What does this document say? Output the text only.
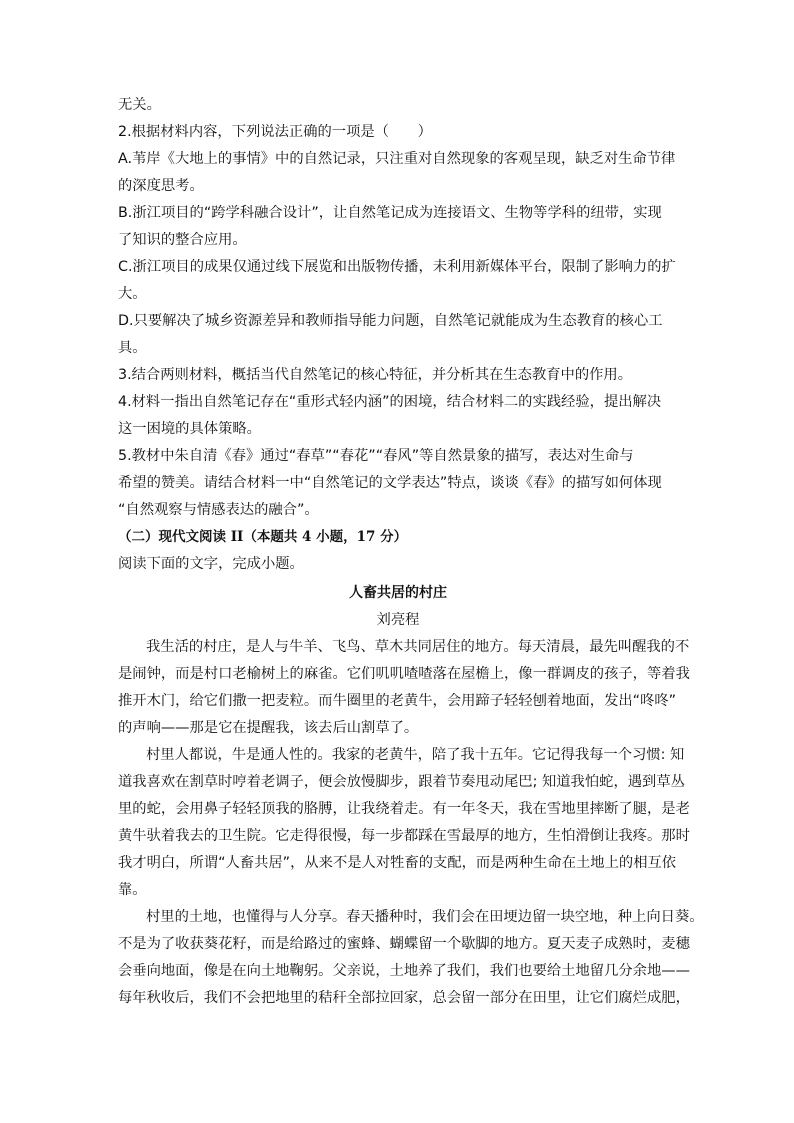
无关。
2.根据材料内容，下列说法正确的一项是（　　）
A.苇岸《大地上的事情》中的自然记录，只注重对自然现象的客观呈现，缺乏对生命节律
的深度思考。
B.浙江项目的“跨学科融合设计”，让自然笔记成为连接语文、生物等学科的纽带，实现
了知识的整合应用。
C.浙江项目的成果仅通过线下展览和出版物传播，未利用新媒体平台，限制了影响力的扩
大。
D.只要解决了城乡资源差异和教师指导能力问题，自然笔记就能成为生态教育的核心工
具。
3.结合两则材料，概括当代自然笔记的核心特征，并分析其在生态教育中的作用。
4.材料一指出自然笔记存在“重形式轻内涵”的困境，结合材料二的实践经验，提出解决
这一困境的具体策略。
5.教材中朱自清《春》通过“春草”“春花”“春风”等自然景象的描写，表达对生命与
希望的赞美。请结合材料一中“自然笔记的文学表达”特点，谈谈《春》的描写如何体现
“自然观察与情感表达的融合”。
（二）现代文阅读 II（本题共 4 小题，17 分）
阅读下面的文字，完成小题。
人畜共居的村庄
刘亮程
我生活的村庄，是人与牛羊、飞鸟、草木共同居住的地方。每天清晨，最先叫醒我的不
是闹钟，而是村口老榆树上的麻雀。它们叽叽喳喳落在屋檐上，像一群调皮的孩子，等着我
推开木门，给它们撒一把麦粒。而牛圈里的老黄牛，会用蹄子轻轻刨着地面，发出“咚咚”
的声响——那是它在提醒我，该去后山割草了。
村里人都说，牛是通人性的。我家的老黄牛，陪了我十五年。它记得我每一个习惯: 知
道我喜欢在割草时哼着老调子，便会放慢脚步，跟着节奏甩动尾巴; 知道我怕蛇，遇到草丛
里的蛇，会用鼻子轻轻顶我的胳膊，让我绕着走。有一年冬天，我在雪地里摔断了腿，是老
黄牛驮着我去的卫生院。它走得很慢，每一步都踩在雪最厚的地方，生怕滑倒让我疼。那时
我才明白，所谓“人畜共居”，从来不是人对牲畜的支配，而是两种生命在土地上的相互依
靠。
村里的土地，也懂得与人分享。春天播种时，我们会在田埂边留一块空地，种上向日葵。
不是为了收获葵花籽，而是给路过的蜜蜂、蝴蝶留一个歇脚的地方。夏天麦子成熟时，麦穗
会垂向地面，像是在向土地鞠躬。父亲说，土地养了我们，我们也要给土地留几分余地——
每年秋收后，我们不会把地里的秸秆全部拉回家，总会留一部分在田里，让它们腐烂成肥，
